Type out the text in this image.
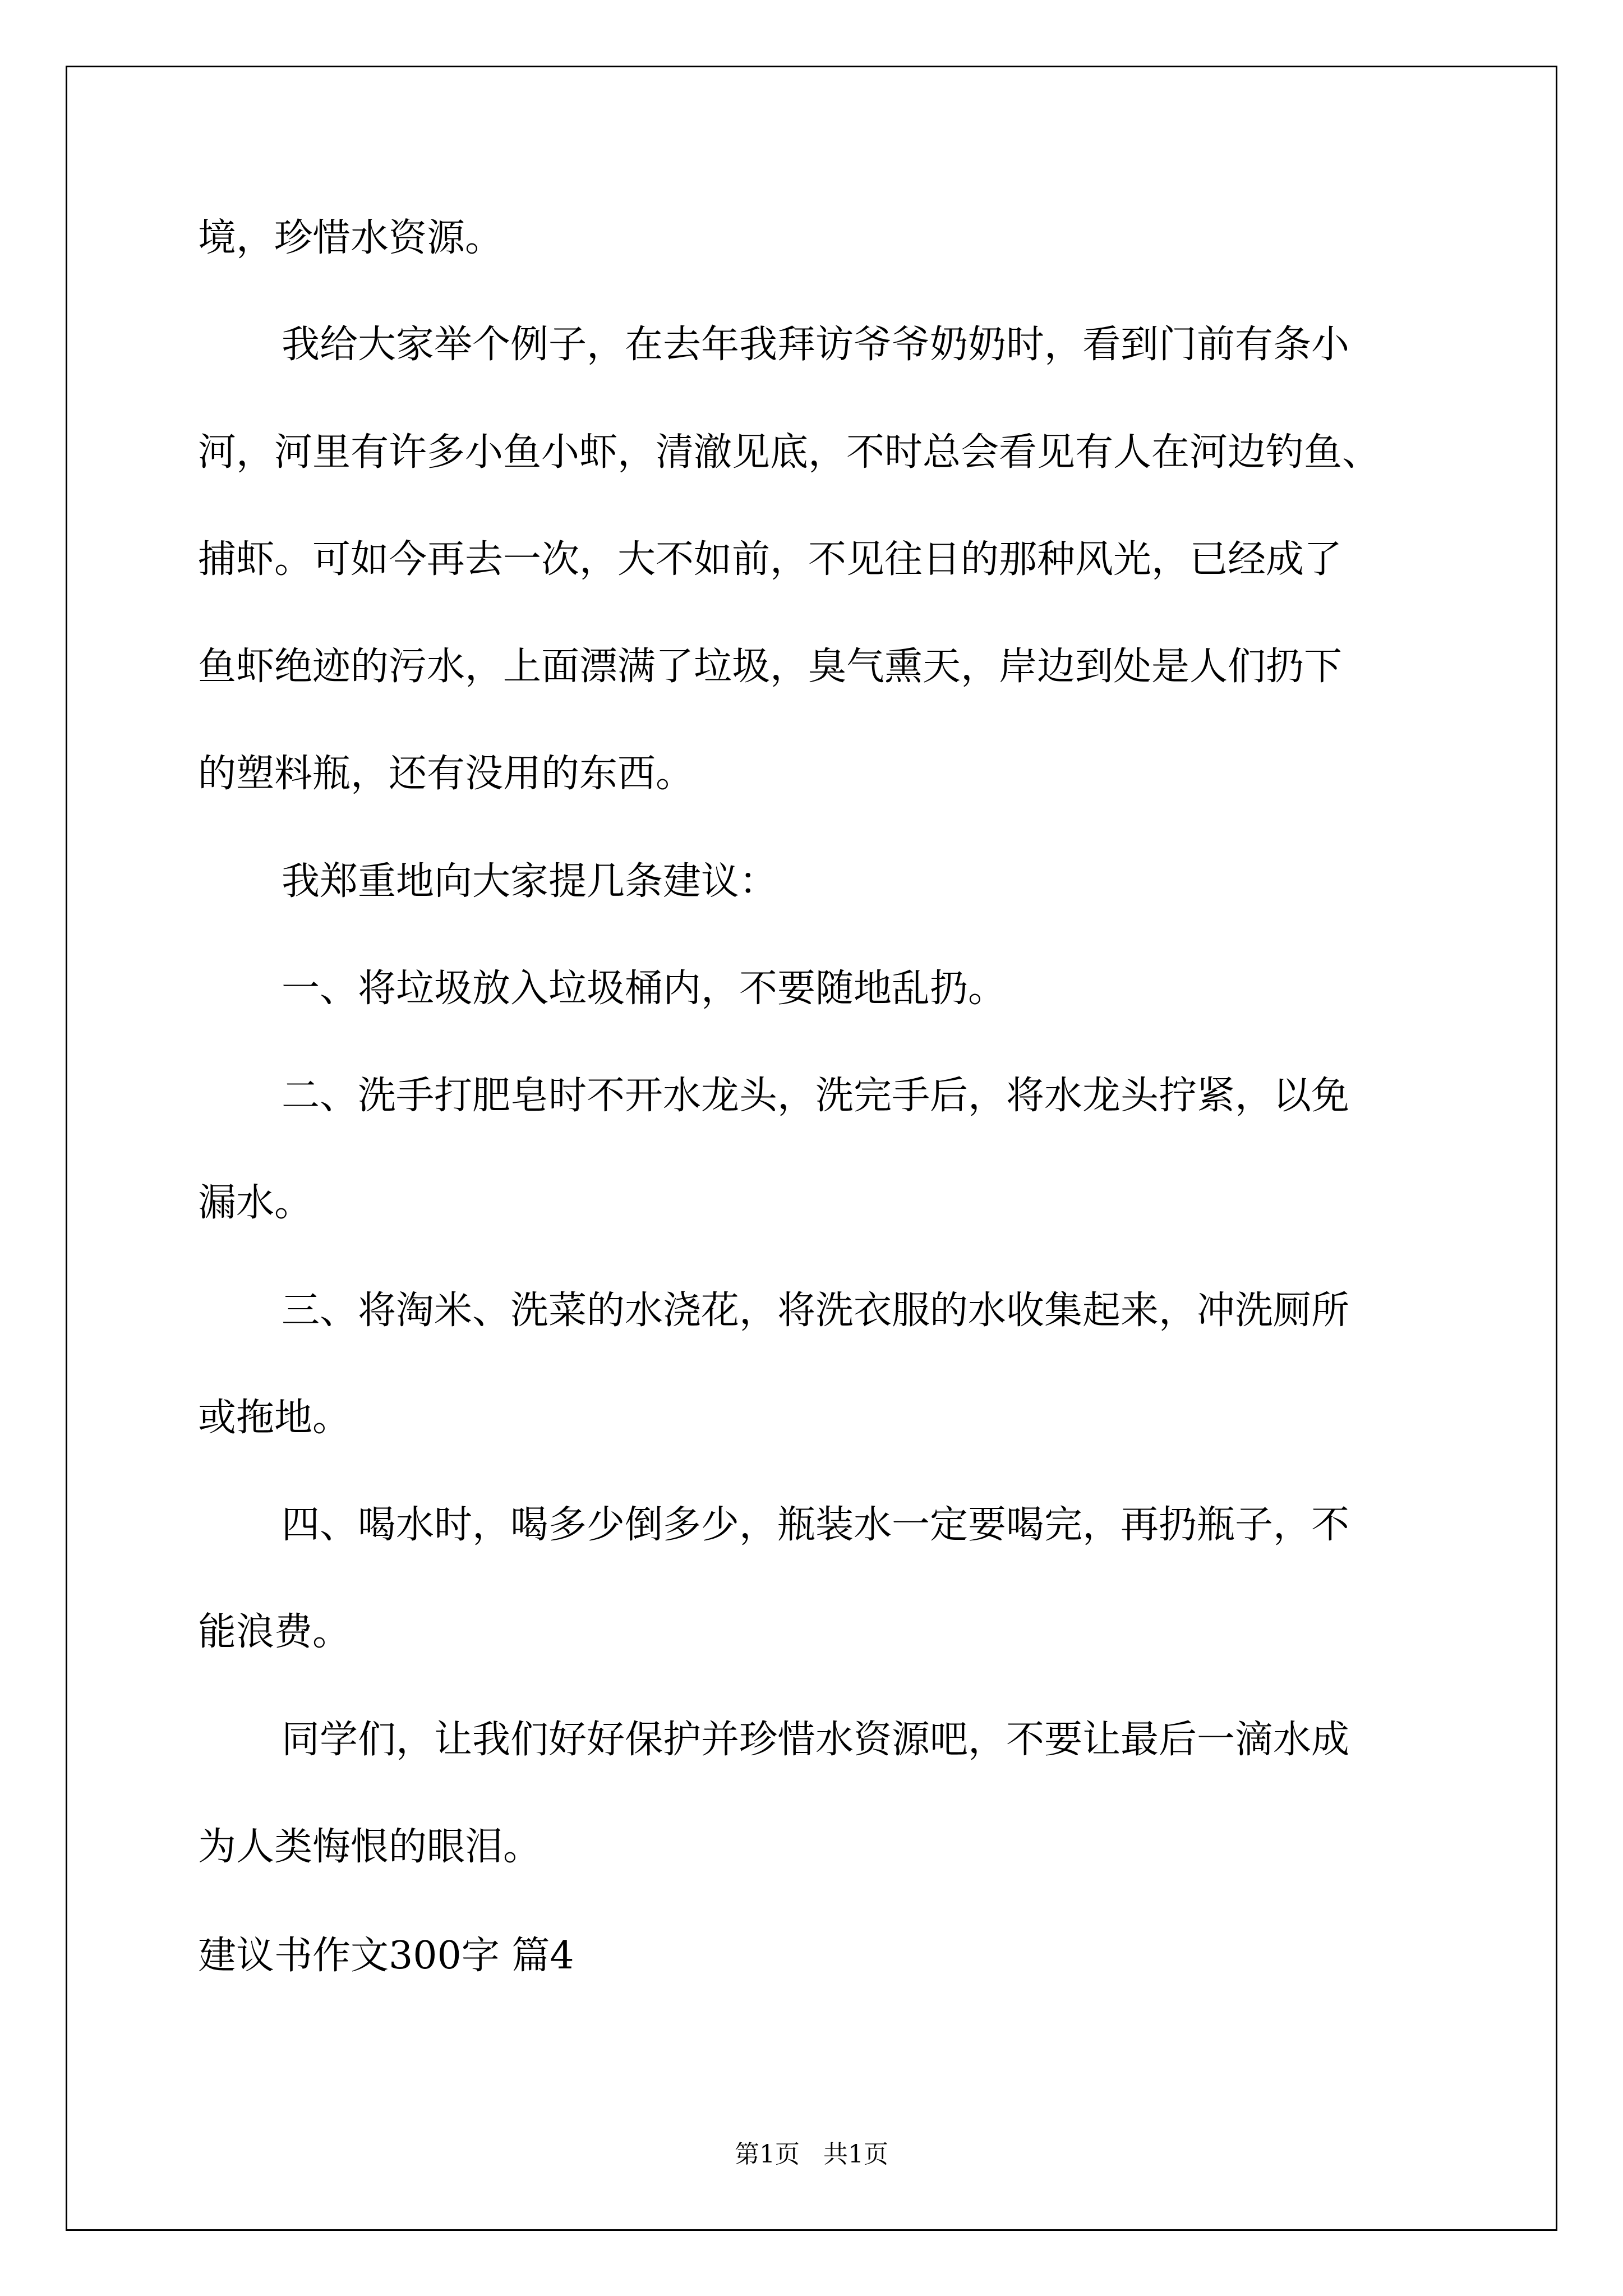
境，珍惜水资源。
我给大家举个例子，在去年我拜访爷爷奶奶时，看到门前有条小
河，河里有许多小鱼小虾，清澈见底，不时总会看见有人在河边钓鱼、
捕虾。可如今再去一次，大不如前，不见往日的那种风光，已经成了
鱼虾绝迹的污水，上面漂满了垃圾，臭气熏天，岸边到处是人们扔下
的塑料瓶，还有没用的东西。
我郑重地向大家提几条建议：
一、将垃圾放入垃圾桶内，不要随地乱扔。
二、洗手打肥皂时不开水龙头，洗完手后，将水龙头拧紧，以免
漏水。
三、将淘米、洗菜的水浇花，将洗衣服的水收集起来，冲洗厕所
或拖地。
四、喝水时，喝多少倒多少，瓶装水一定要喝完，再扔瓶子，不
能浪费。
同学们，让我们好好保护并珍惜水资源吧，不要让最后一滴水成
为人类悔恨的眼泪。
建议书作文300字 篇4
第1页   共1页
